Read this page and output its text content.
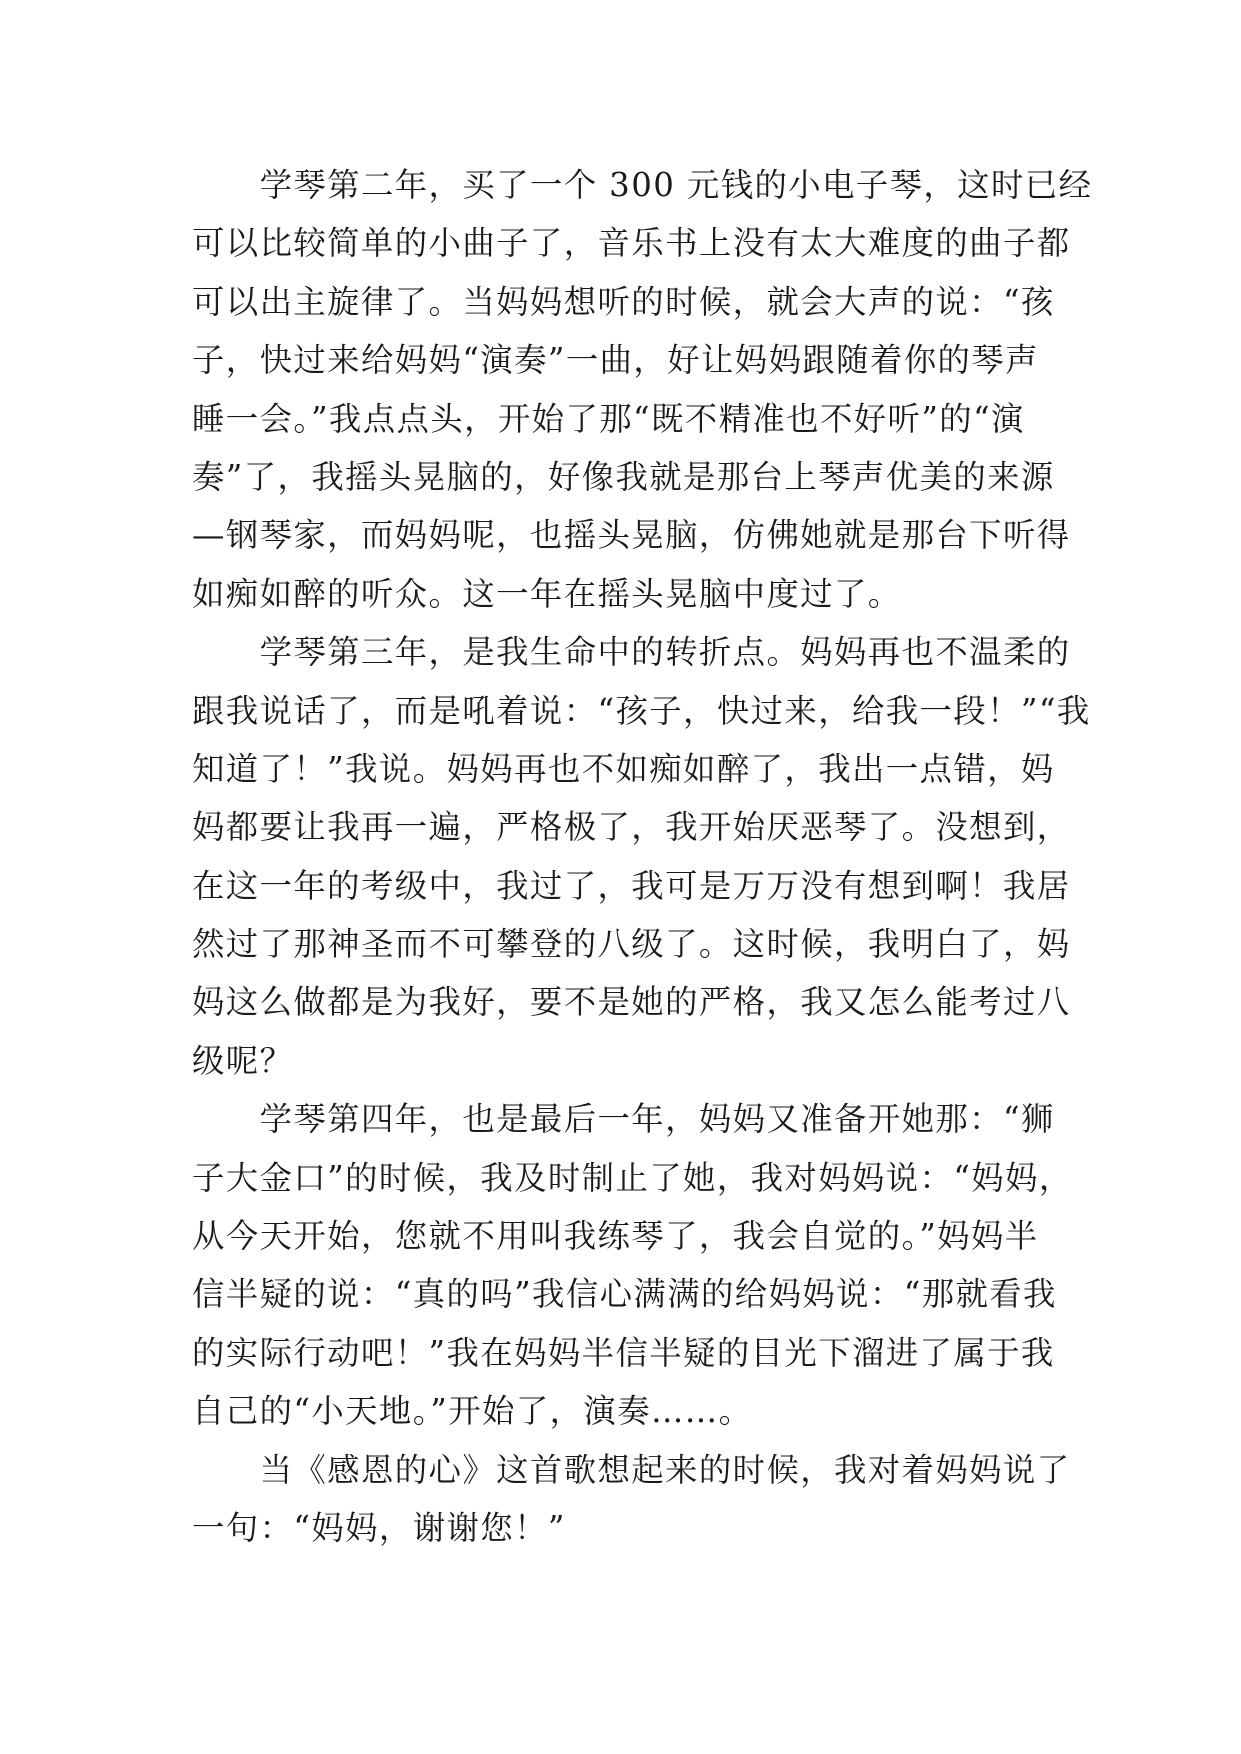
　　学琴第二年，买了一个 300 元钱的小电子琴，这时已经
可以比较简单的小曲子了，音乐书上没有太大难度的曲子都
可以出主旋律了。当妈妈想听的时候，就会大声的说：“孩
子，快过来给妈妈“演奏”一曲，好让妈妈跟随着你的琴声
睡一会。”我点点头，开始了那“既不精准也不好听”的“演
奏”了，我摇头晃脑的，好像我就是那台上琴声优美的来源
—钢琴家，而妈妈呢，也摇头晃脑，仿佛她就是那台下听得
如痴如醉的听众。这一年在摇头晃脑中度过了。

　　学琴第三年，是我生命中的转折点。妈妈再也不温柔的
跟我说话了，而是吼着说：“孩子，快过来，给我一段！”“我
知道了！”我说。妈妈再也不如痴如醉了，我出一点错，妈
妈都要让我再一遍，严格极了，我开始厌恶琴了。没想到，
在这一年的考级中，我过了，我可是万万没有想到啊！我居
然过了那神圣而不可攀登的八级了。这时候，我明白了，妈
妈这么做都是为我好，要不是她的严格，我又怎么能考过八
级呢？

　　学琴第四年，也是最后一年，妈妈又准备开她那：“狮
子大金口”的时候，我及时制止了她，我对妈妈说：“妈妈，
从今天开始，您就不用叫我练琴了，我会自觉的。”妈妈半
信半疑的说：“真的吗”我信心满满的给妈妈说：“那就看我
的实际行动吧！”我在妈妈半信半疑的目光下溜进了属于我
自己的“小天地。”开始了，演奏……。

　　当《感恩的心》这首歌想起来的时候，我对着妈妈说了
一句：“妈妈，谢谢您！”
